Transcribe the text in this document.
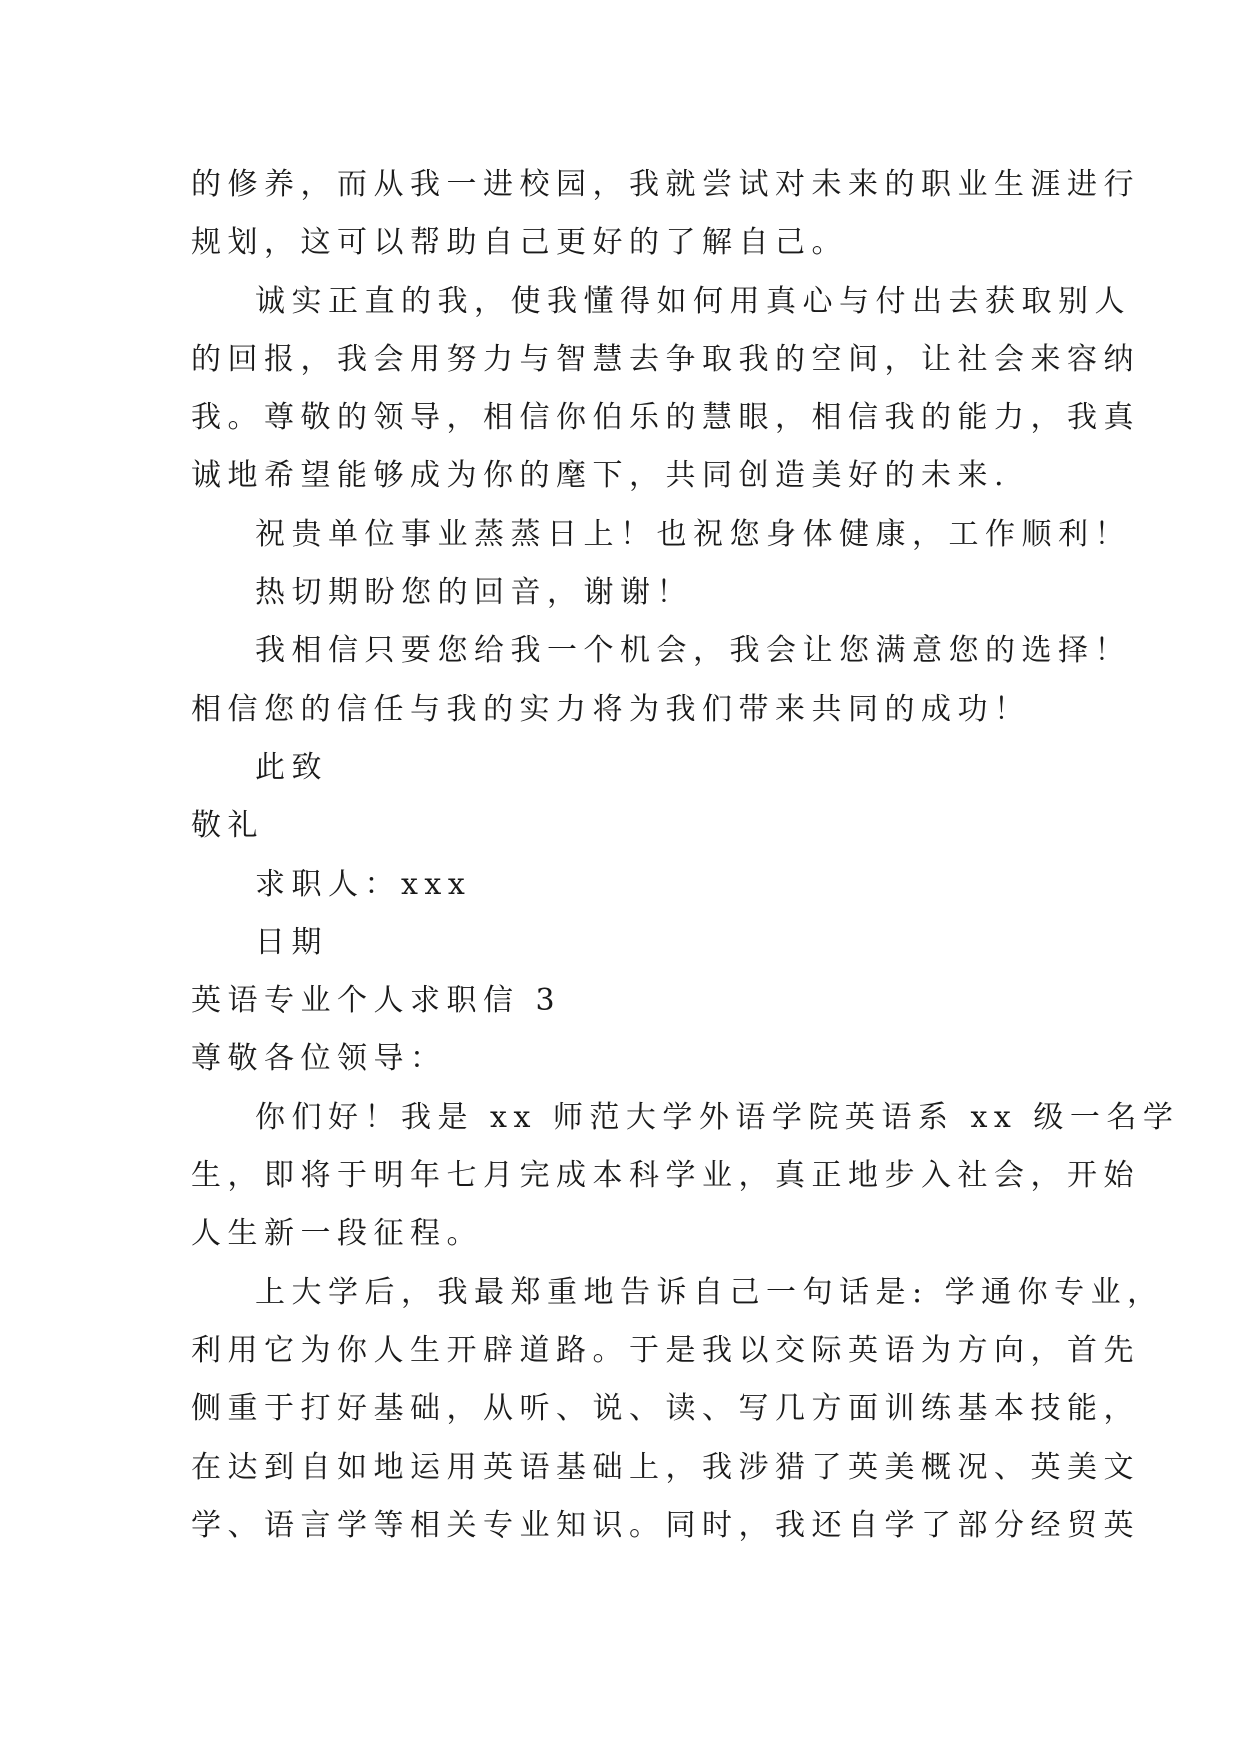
的修养，而从我一进校园，我就尝试对未来的职业生涯进行
规划，这可以帮助自己更好的了解自己。
诚实正直的我，使我懂得如何用真心与付出去获取别人
的回报，我会用努力与智慧去争取我的空间，让社会来容纳
我。尊敬的领导，相信你伯乐的慧眼，相信我的能力，我真
诚地希望能够成为你的麾下，共同创造美好的未来.
祝贵单位事业蒸蒸日上！也祝您身体健康，工作顺利！
热切期盼您的回音，谢谢！
我相信只要您给我一个机会，我会让您满意您的选择！
相信您的信任与我的实力将为我们带来共同的成功！
此致
敬礼
求职人：xxx
日期
英语专业个人求职信 3
尊敬各位领导：
你们好！我是 xx 师范大学外语学院英语系 xx 级一名学
生，即将于明年七月完成本科学业，真正地步入社会，开始
人生新一段征程。
上大学后，我最郑重地告诉自己一句话是: 学通你专业，
利用它为你人生开辟道路。于是我以交际英语为方向，首先
侧重于打好基础，从听、说、读、写几方面训练基本技能，
在达到自如地运用英语基础上，我涉猎了英美概况、英美文
学、语言学等相关专业知识。同时，我还自学了部分经贸英
